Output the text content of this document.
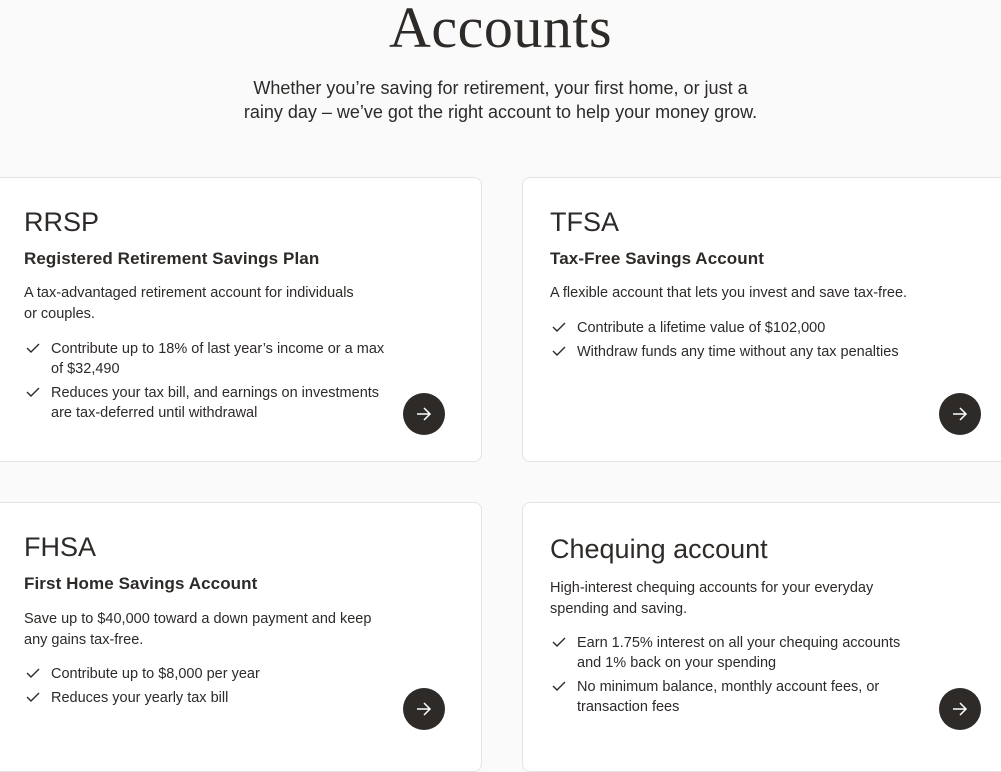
Accounts

Whether you’re saving for retirement, your first home, or just a
rainy day – we’ve got the right account to help your money grow.

RRSP
Registered Retirement Savings Plan

A tax-advantaged retirement account for individuals
or couples.

Contribute up to 18% of last year’s income or a max
of $32,490
Reduces your tax bill, and earnings on investments
are tax-deferred until withdrawal
TFSA
Tax-Free Savings Account

A flexible account that lets you invest and save tax-free.

Contribute a lifetime value of $102,000
Withdraw funds any time without any tax penalties
FHSA
First Home Savings Account

Save up to $40,000 toward a down payment and keep
any gains tax-free.

Contribute up to $8,000 per year
Reduces your yearly tax bill
Chequing account

High-interest chequing accounts for your everyday
spending and saving.

Earn 1.75% interest on all your chequing accounts
and 1% back on your spending
No minimum balance, monthly account fees, or
transaction fees
